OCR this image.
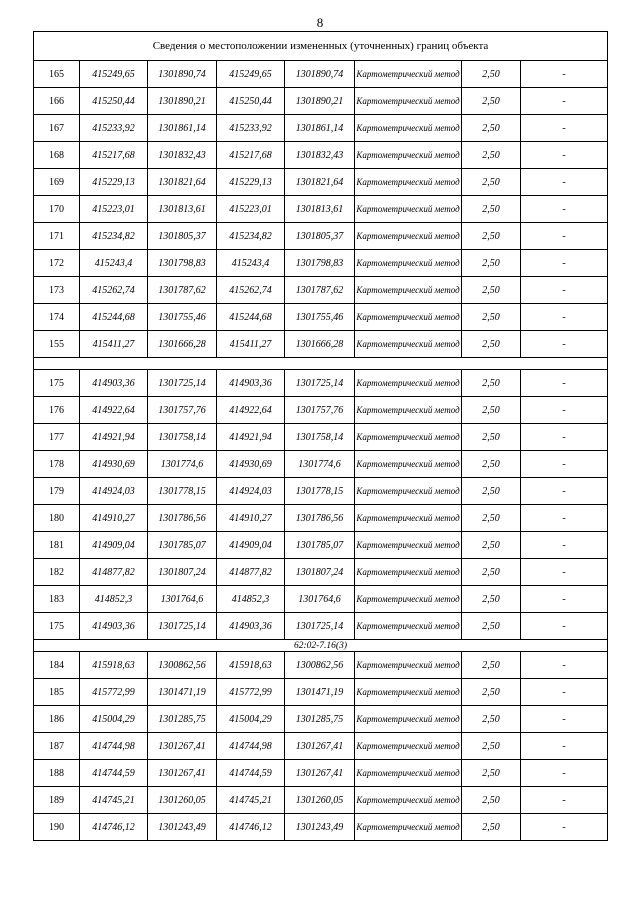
8
Сведения о местоположении измененных (уточненных) границ объекта							
165	415249,65	1301890,74	415249,65	1301890,74	Картометрический метод	2,50	-
166	415250,44	1301890,21	415250,44	1301890,21	Картометрический метод	2,50	-
167	415233,92	1301861,14	415233,92	1301861,14	Картометрический метод	2,50	-
168	415217,68	1301832,43	415217,68	1301832,43	Картометрический метод	2,50	-
169	415229,13	1301821,64	415229,13	1301821,64	Картометрический метод	2,50	-
170	415223,01	1301813,61	415223,01	1301813,61	Картометрический метод	2,50	-
171	415234,82	1301805,37	415234,82	1301805,37	Картометрический метод	2,50	-
172	415243,4	1301798,83	415243,4	1301798,83	Картометрический метод	2,50	-
173	415262,74	1301787,62	415262,74	1301787,62	Картометрический метод	2,50	-
174	415244,68	1301755,46	415244,68	1301755,46	Картометрический метод	2,50	-
155	415411,27	1301666,28	415411,27	1301666,28	Картометрический метод	2,50	-

175	414903,36	1301725,14	414903,36	1301725,14	Картометрический метод	2,50	-
176	414922,64	1301757,76	414922,64	1301757,76	Картометрический метод	2,50	-
177	414921,94	1301758,14	414921,94	1301758,14	Картометрический метод	2,50	-
178	414930,69	1301774,6	414930,69	1301774,6	Картометрический метод	2,50	-
179	414924,03	1301778,15	414924,03	1301778,15	Картометрический метод	2,50	-
180	414910,27	1301786,56	414910,27	1301786,56	Картометрический метод	2,50	-
181	414909,04	1301785,07	414909,04	1301785,07	Картометрический метод	2,50	-
182	414877,82	1301807,24	414877,82	1301807,24	Картометрический метод	2,50	-
183	414852,3	1301764,6	414852,3	1301764,6	Картометрический метод	2,50	-
175	414903,36	1301725,14	414903,36	1301725,14	Картометрический метод	2,50	-
62:02-7.16(3)							
184	415918,63	1300862,56	415918,63	1300862,56	Картометрический метод	2,50	-
185	415772,99	1301471,19	415772,99	1301471,19	Картометрический метод	2,50	-
186	415004,29	1301285,75	415004,29	1301285,75	Картометрический метод	2,50	-
187	414744,98	1301267,41	414744,98	1301267,41	Картометрический метод	2,50	-
188	414744,59	1301267,41	414744,59	1301267,41	Картометрический метод	2,50	-
189	414745,21	1301260,05	414745,21	1301260,05	Картометрический метод	2,50	-
190	414746,12	1301243,49	414746,12	1301243,49	Картометрический метод	2,50	-
